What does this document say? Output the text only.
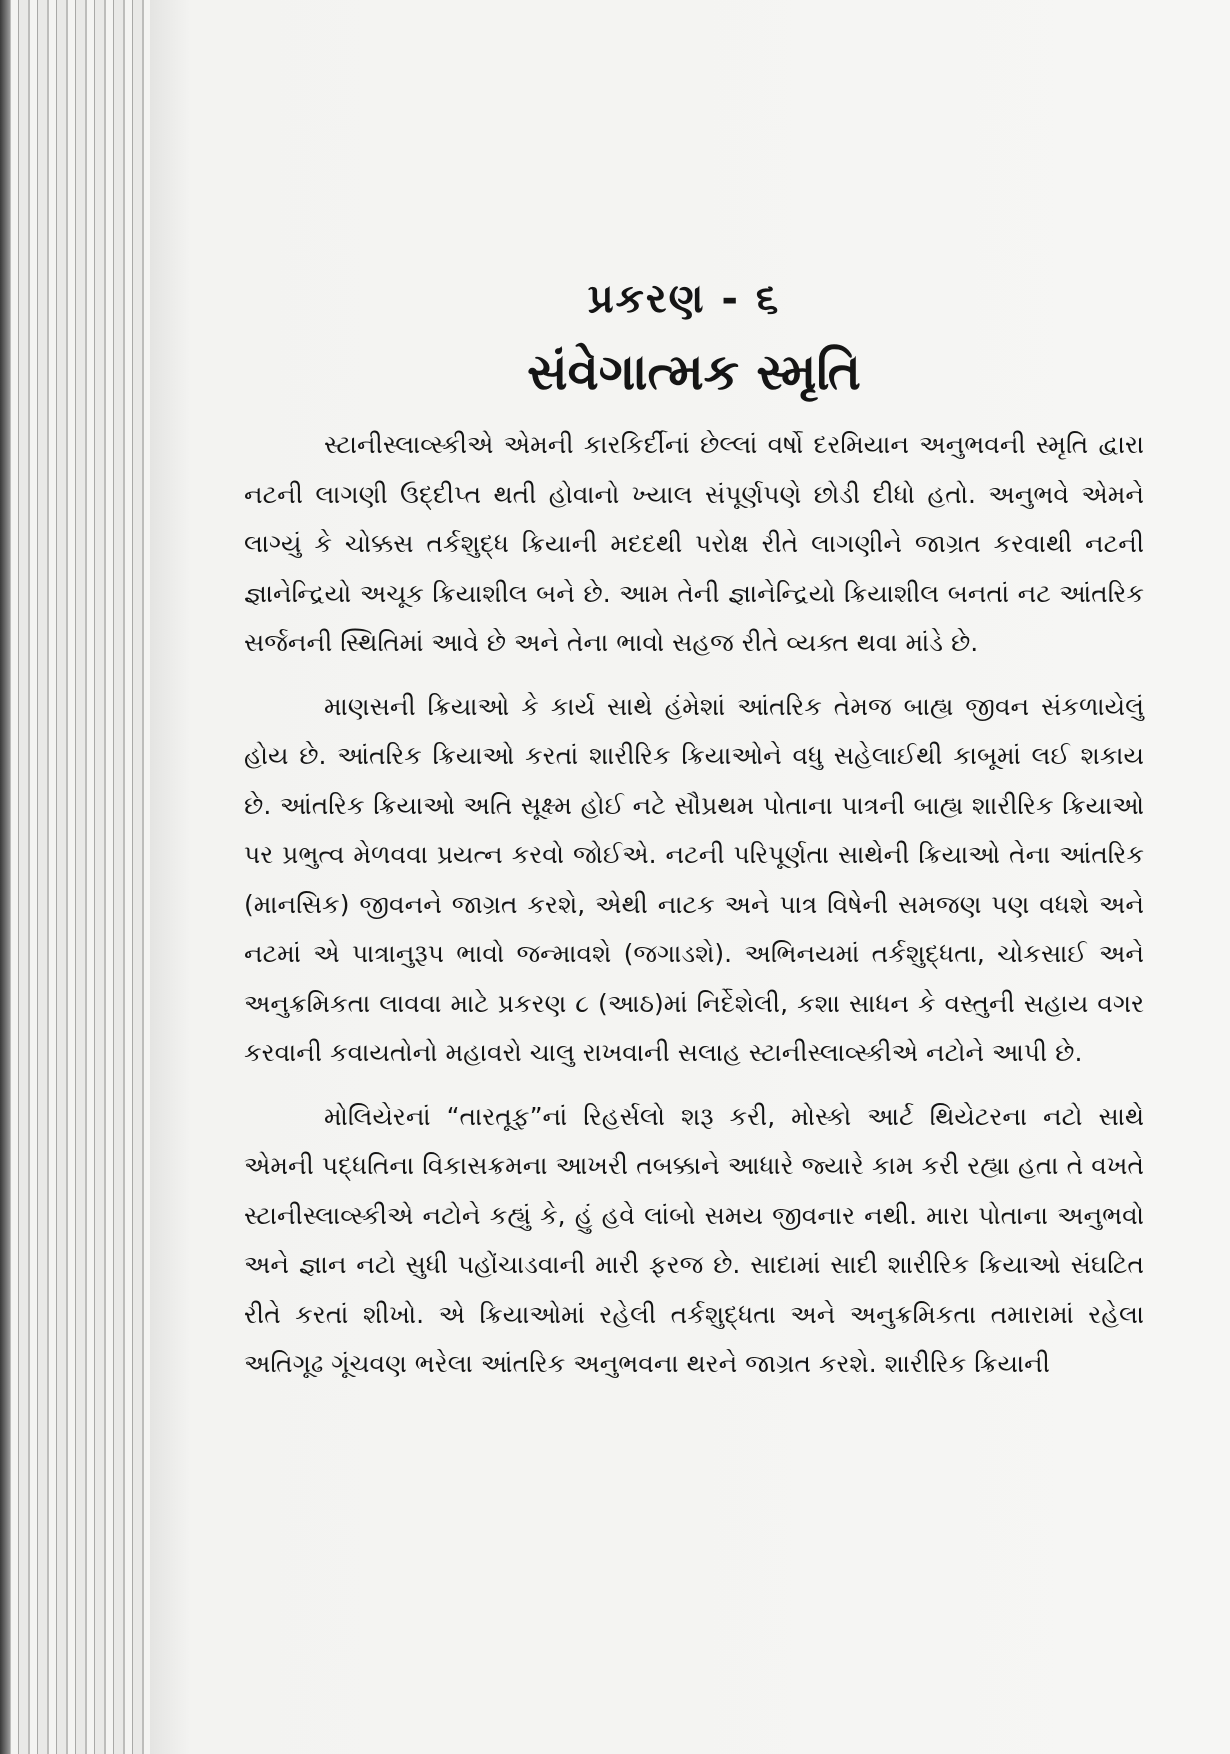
પ્રકરણ - ૬
સંવેગાત્મક સ્મૃતિ

સ્ટાનીસ્લાવ્સ્કીએ એમની કારકિર્દીનાં છેલ્લાં વર્ષો દરમિયાન અનુભવની સ્મૃતિ દ્વારા નટની લાગણી ઉદ્દીપ્ત થતી હોવાનો ખ્યાલ સંપૂર્ણપણે છોડી દીધો હતો. અનુભવે એમને લાગ્યું કે ચોક્કસ તર્કશુદ્ધ ક્રિયાની મદદથી પરોક્ષ રીતે લાગણીને જાગ્રત કરવાથી નટની જ્ઞાનેન્દ્રિયો અચૂક ક્રિયાશીલ બને છે. આમ તેની જ્ઞાનેન્દ્રિયો ક્રિયાશીલ બનતાં નટ આંતરિક સર્જનની સ્થિતિમાં આવે છે અને તેના ભાવો સહજ રીતે વ્યક્ત થવા માંડે છે.

માણસની ક્રિયાઓ કે કાર્ય સાથે હંમેશાં આંતરિક તેમજ બાહ્ય જીવન સંકળાયેલું હોય છે. આંતરિક ક્રિયાઓ કરતાં શારીરિક ક્રિયાઓને વધુ સહેલાઈથી કાબૂમાં લઈ શકાય છે. આંતરિક ક્રિયાઓ અતિ સૂક્ષ્મ હોઈ નટે સૌપ્રથમ પોતાના પાત્રની બાહ્ય શારીરિક ક્રિયાઓ પર પ્રભુત્વ મેળવવા પ્રયત્ન કરવો જોઈએ. નટની પરિપૂર્ણતા સાથેની ક્રિયાઓ તેના આંતરિક (માનસિક) જીવનને જાગ્રત કરશે, એથી નાટક અને પાત્ર વિષેની સમજણ પણ વધશે અને નટમાં એ પાત્રાનુરૂપ ભાવો જન્માવશે (જગાડશે). અભિનયમાં તર્કશુદ્ધતા, ચોકસાઈ અને અનુક્રમિકતા લાવવા માટે પ્રકરણ ૮ (આઠ)માં નિર્દેશેલી, કશા સાધન કે વસ્તુની સહાય વગર કરવાની કવાયતોનો મહાવરો ચાલુ રાખવાની સલાહ સ્ટાનીસ્લાવ્સ્કીએ નટોને આપી છે.

મોલિયેરનાં “તારતૂફ”નાં રિહર્સલો શરૂ કરી, મોસ્કો આર્ટ થિયેટરના નટો સાથે એમની પદ્ધતિના વિકાસક્રમના આખરી તબક્કાને આધારે જ્યારે કામ કરી રહ્યા હતા તે વખતે સ્ટાનીસ્લાવ્સ્કીએ નટોને કહ્યું કે, હું હવે લાંબો સમય જીવનાર નથી. મારા પોતાના અનુભવો અને જ્ઞાન નટો સુધી પહોંચાડવાની મારી ફરજ છે. સાદામાં સાદી શારીરિક ક્રિયાઓ સંઘટિત રીતે કરતાં શીખો. એ ક્રિયાઓમાં રહેલી તર્કશુદ્ધતા અને અનુક્રમિકતા તમારામાં રહેલા અતિગૂઢ ગૂંચવણ ભરેલા આંતરિક અનુભવના થરને જાગ્રત કરશે. શારીરિક ક્રિયાની
